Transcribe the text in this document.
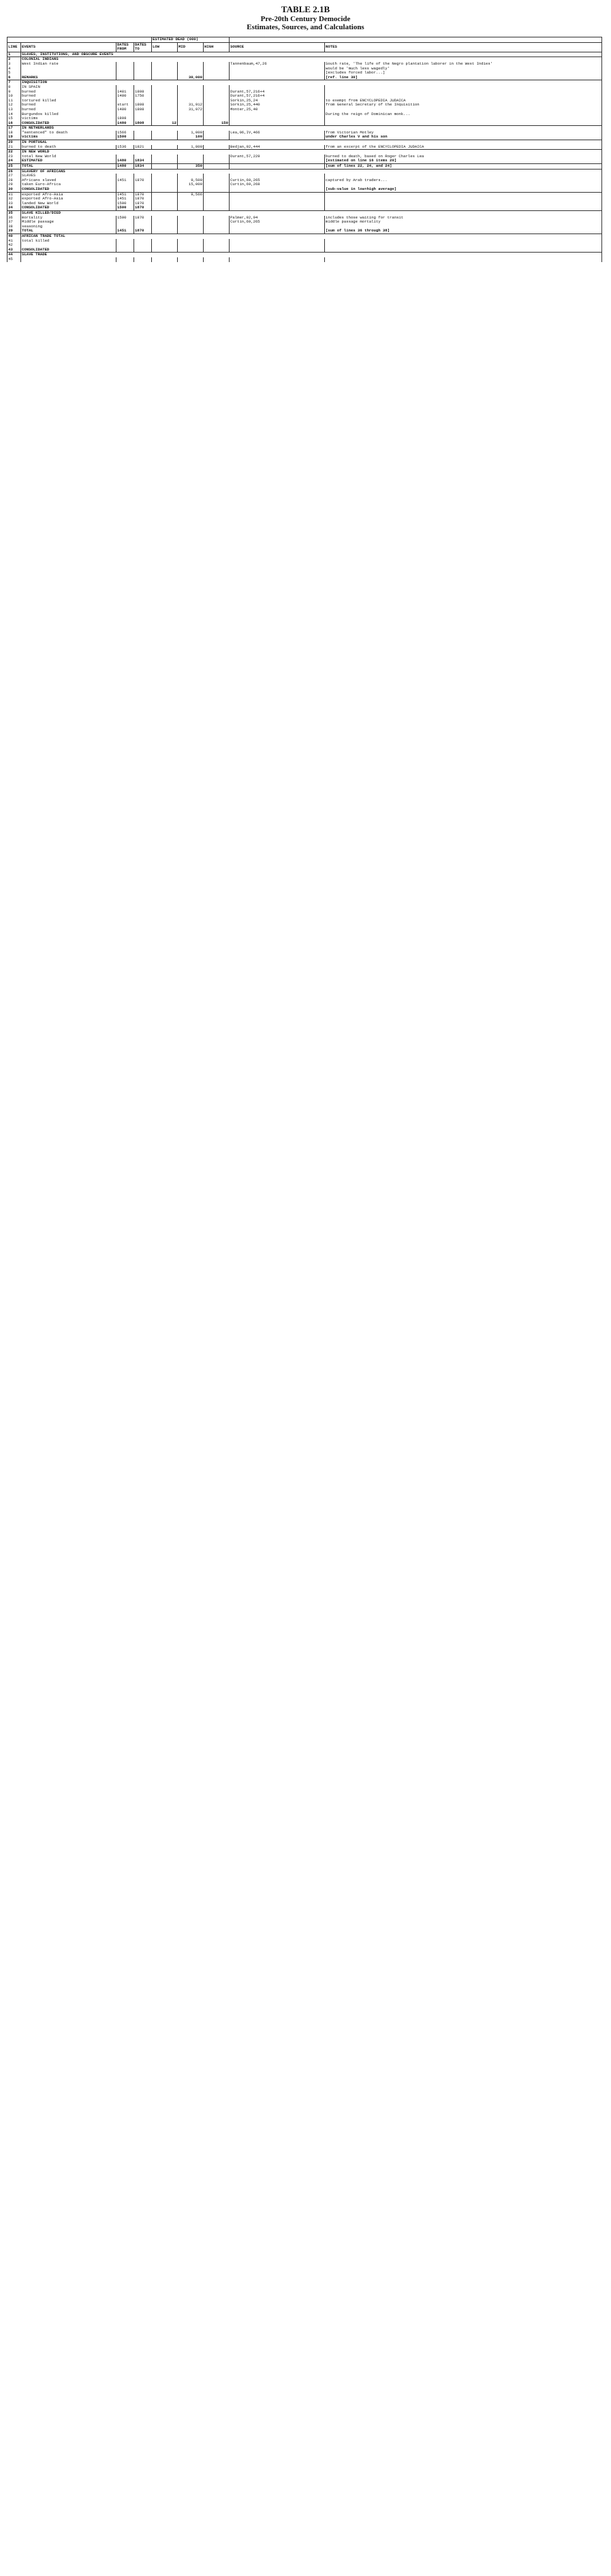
TABLE 2.1B
Pre-20th Century Democide
Estimates, Sources, and Calculations
				ESTIMATED DEAD (000)				
LINE	EVENTS	DATES FROM	DATES TO	LOW	MID	HIGH	SOURCE	NOTES
1	SLAVES, INSTITUTIONS, AND OBSCURE EVENTS							
2	COLONIAL INDIANS							
3	West Indian rate						Tannenbaum,47,26	South rate, 'The life of the Negro plantation laborer in the West Indies'
4								would be 'much less wagedly'
5								[excludes forced labor...]
6	REMARKS				30,000			[ref. line 30]
7	INQUISITION							
8	IN SPAIN							
9	burned	1481	1808				Durant,57,216+4	
10	burned	1480	1750				Durant,57,216+4	
11	tortured killed						Sorkin,25,24	to exempt from ENCYCLOPEDIA JUDAICA
12	burned	start	1808		31,912		Sorkin,25,440	from General Secretary of the Inquisition
13	burned	1480	1808		31,972		Monter,25,40	
14	Burgundos killed							During the reign of Dominican monk...
15	victims	1808						
16	CONSOLIDATED	1480	1808	12		150		
17	IN NETHERLANDS							
18	"sentenced" to death	1566			1,000		Lea,06,IV,466	from Victorian Motley
19	victims	1500			100			under Charles V and his son
20	IN PORTUGAL							
21	burned to death	1536	1821		1,800		Bedjan,92,444	from an excerpt of the ENCYCLOPEDIA JUDAICA
22	IN NEW WORLD							
23	total New World						Durant,57,229	burned to death, based on Roger Charles Lea
24	ESTIMATED	1480	1834					[estimated on line 16 items 20]
25	TOTAL	1480	1834		350			[sum of lines 22, 24, and 24]
26	SLAVERY OF AFRICANS							
27	SLAVES							
28	Africans slaved	1451	1870		9,500		Curtin,69,265	captured by Arab traders...
29	taken Euro-Africa				15,000		Curtin,69,268	
30	CONSOLIDATED							[sub-value in low+high average]
31	exported Afro-Asia	1451	1870		9,566			
32	exported Afro-Asia	1451	1870					
33	landed New World	1500	1870					
34	CONSOLIDATED	1500	1870					
35	SLAVE KILLED/DIED							
36	mortality	1500	1870				Palmer,92,94	includes those waiting for transit
37	Middle passage						Curtin,69,265	middle passage mortality
38	seasoning							
39	TOTAL	1451	1870					[sum of lines 36 through 38]
40	AFRICAN TRADE TOTAL							
41	total killed							
42								
43	CONSOLIDATED							
44	SLAVE TRADE							
45								
